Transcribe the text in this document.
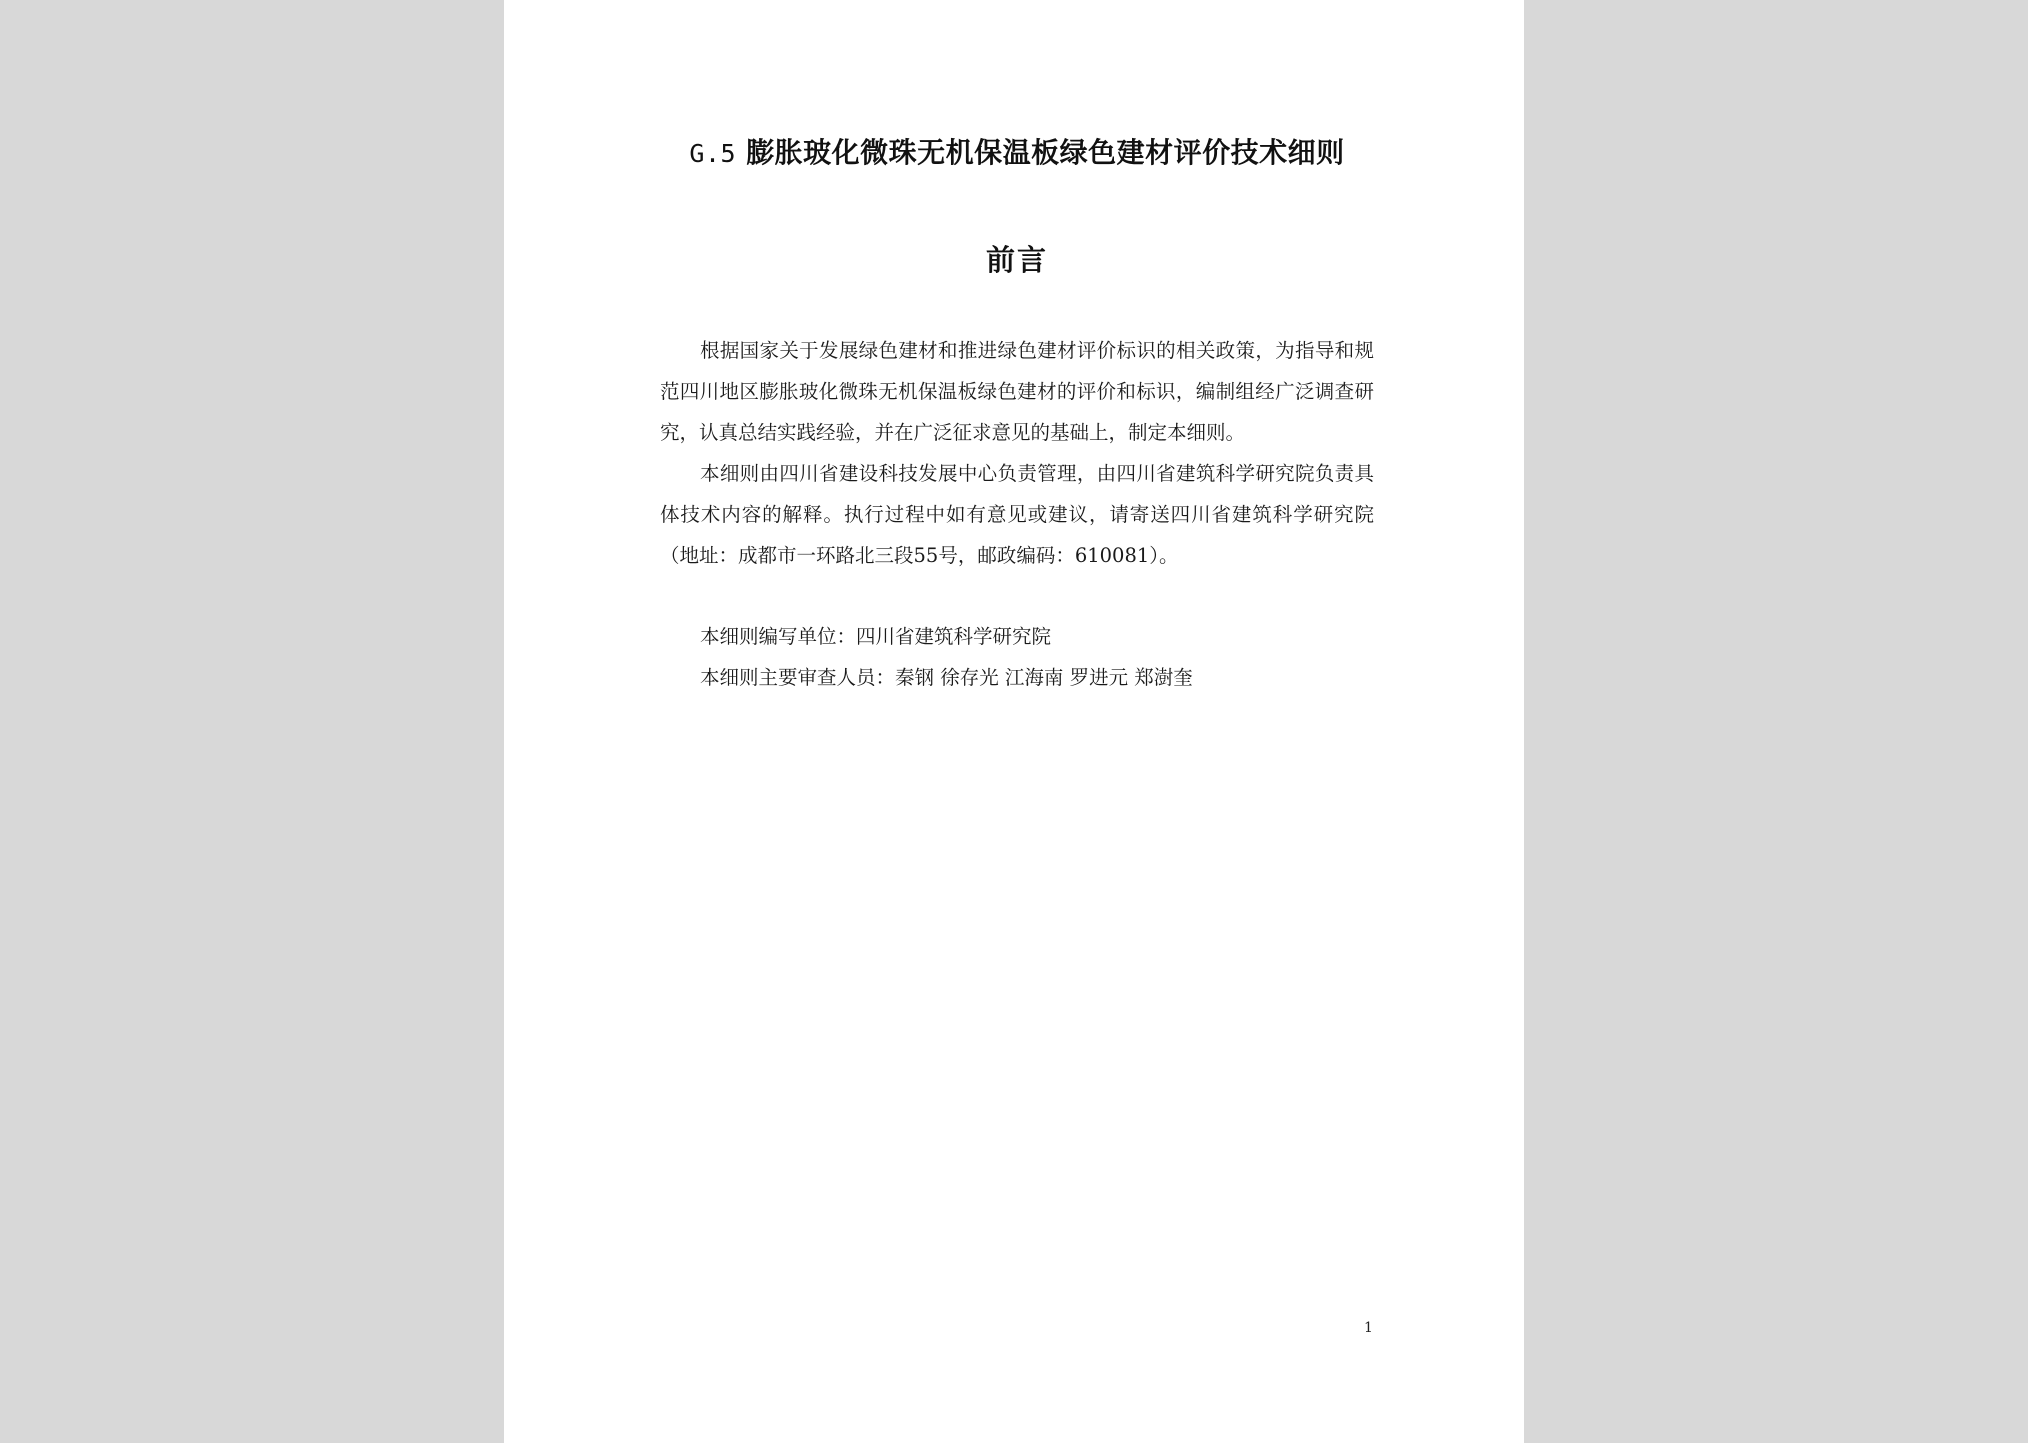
G.5 膨胀玻化微珠无机保温板绿色建材评价技术细则
前言

根据国家关于发展绿色建材和推进绿色建材评价标识的相关政策，为指导和规范四川地区膨胀玻化微珠无机保温板绿色建材的评价和标识，编制组经广泛调查研究，认真总结实践经验，并在广泛征求意见的基础上，制定本细则。

本细则由四川省建设科技发展中心负责管理，由四川省建筑科学研究院负责具体技术内容的解释。执行过程中如有意见或建议，请寄送四川省建筑科学研究院（地址：成都市一环路北三段55号，邮政编码：610081）。

本细则编写单位：四川省建筑科学研究院

本细则主要审查人员：秦钢 徐存光 江海南 罗进元 郑澍奎

1
